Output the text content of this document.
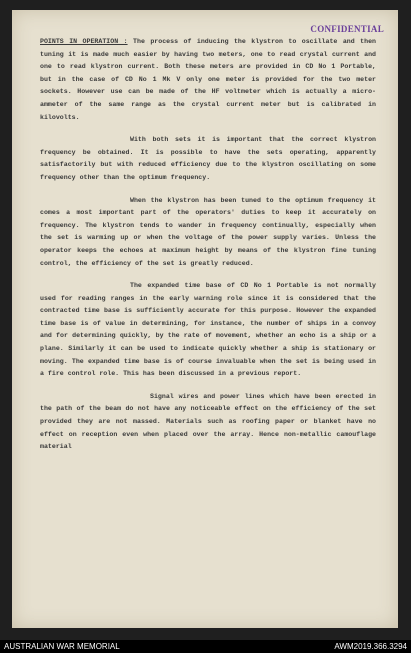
CONFIDENTIAL

POINTS IN OPERATION : The process of inducing the klystron to oscillate and then tuning it is made much easier by having two meters, one to read crystal current and one to read klystron current. Both these meters are provided in CD No 1 Portable, but in the case of CD No 1 Mk V only one meter is provided for the two meter sockets. However use can be made of the HF voltmeter which is actually a microammeter of the same range as the crystal current meter but is calibrated in kilovolts.

With both sets it is important that the correct klystron frequency be obtained. It is possible to have the sets operating, apparently satisfactorily but with reduced efficiency due to the klystron oscillating on some frequency other than the optimum frequency.

When the klystron has been tuned to the optimum frequency it comes a most important part of the operators' duties to keep it accurately on frequency. The klystron tends to wander in frequency continually, especially when the set is warming up or when the voltage of the power supply varies. Unless the operator keeps the echoes at maximum height by means of the klystron fine tuning control, the efficiency of the set is greatly reduced.

The expanded time base of CD No 1 Portable is not normally used for reading ranges in the early warning role since it is considered that the contracted time base is sufficiently accurate for this purpose. However the expanded time base is of value in determining, for instance, the number of ships in a convoy and for determining quickly, by the rate of movement, whether an echo is a ship or a plane. Similarly it can be used to indicate quickly whether a ship is stationary or moving. The expanded time base is of course invaluable when the set is being used in a fire control role. This has been discussed in a previous report.

Signal wires and power lines which have been erected in the path of the beam do not have any noticeable effect on the efficiency of the set provided they are not massed. Materials such as roofing paper or blanket have no effect on reception even when placed over the array. Hence non-metallic camouflage material

AUSTRALIAN WAR MEMORIAL	AWM2019.366.3294
